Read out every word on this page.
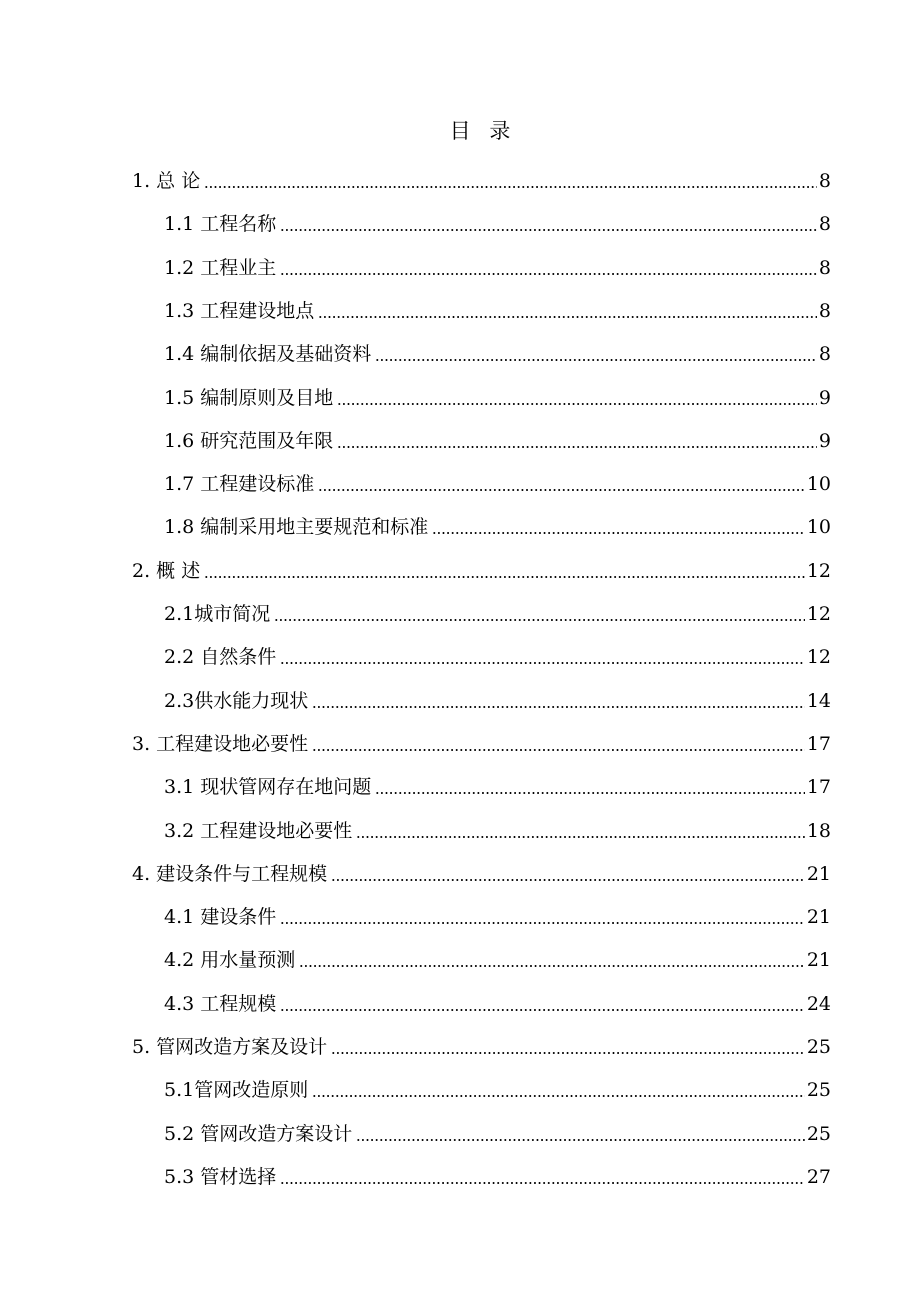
目 录
1. 总 论	8
1.1 工程名称	8
1.2 工程业主	8
1.3 工程建设地点	8
1.4 编制依据及基础资料	8
1.5 编制原则及目地	9
1.6 研究范围及年限	9
1.7 工程建设标准	10
1.8 编制采用地主要规范和标准	10
2. 概 述	12
2.1城市简况	12
2.2 自然条件	12
2.3供水能力现状	14
3. 工程建设地必要性	17
3.1 现状管网存在地问题	17
3.2 工程建设地必要性	18
4. 建设条件与工程规模	21
4.1 建设条件	21
4.2 用水量预测	21
4.3 工程规模	24
5. 管网改造方案及设计	25
5.1管网改造原则	25
5.2 管网改造方案设计	25
5.3 管材选择	27
